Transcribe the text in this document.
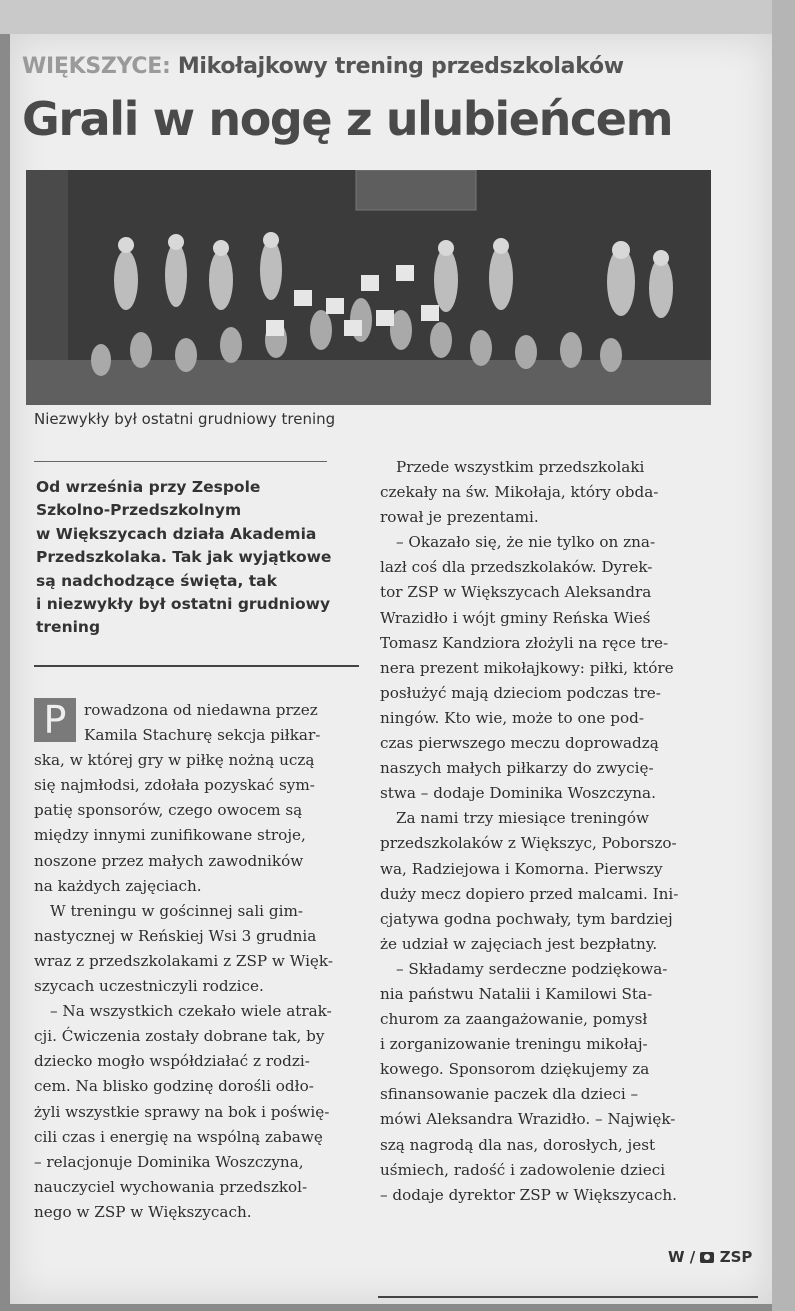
WIĘKSZYCE: Mikołajkowy trening przedszkolaków
Grali w nogę z ulubieńcem
Niezwykły był ostatni grudniowy trening
Od września przy Zespole
Szkolno-Przedszkolnym
w Większycach działa Akademia
Przedszkolaka. Tak jak wyjątkowe
są nadchodzące święta, tak
i niezwykły był ostatni grudniowy
trening
P	rowadzona od niedawna przez
Kamila Stachurę sekcja piłkar-
ska, w której gry w piłkę nożną uczą
się najmłodsi, zdołała pozyskać sym-
patię sponsorów, czego owocem są
między innymi zunifikowane stroje,
noszone przez małych zawodników
na każdych zajęciach.
W treningu w gościnnej sali gim-
nastycznej w Reńskiej Wsi 3 grudnia
wraz z przedszkolakami z ZSP w Więk-
szycach uczestniczyli rodzice.
– Na wszystkich czekało wiele atrak-
cji. Ćwiczenia zostały dobrane tak, by
dziecko mogło współdziałać z rodzi-
cem. Na blisko godzinę dorośli odło-
żyli wszystkie sprawy na bok i poświę-
cili czas i energię na wspólną zabawę
– relacjonuje Dominika Woszczyna,
nauczyciel wychowania przedszkol-
nego w ZSP w Większycach.
Przede wszystkim przedszkolaki
czekały na św. Mikołaja, który obda-
rował je prezentami.
– Okazało się, że nie tylko on zna-
lazł coś dla przedszkolaków. Dyrek-
tor ZSP w Większycach Aleksandra
Wrazidło i wójt gminy Reńska Wieś
Tomasz Kandziora złożyli na ręce tre-
nera prezent mikołajkowy: piłki, które
posłużyć mają dzieciom podczas tre-
ningów. Kto wie, może to one pod-
czas pierwszego meczu doprowadzą
naszych małych piłkarzy do zwycię-
stwa – dodaje Dominika Woszczyna.
Za nami trzy miesiące treningów
przedszkolaków z Większyc, Poborszo-
wa, Radziejowa i Komorna. Pierwszy
duży mecz dopiero przed malcami. Ini-
cjatywa godna pochwały, tym bardziej
że udział w zajęciach jest bezpłatny.
– Składamy serdeczne podziękowa-
nia państwu Natalii i Kamilowi Sta-
churom za zaangażowanie, pomysł
i zorganizowanie treningu mikołaj-
kowego. Sponsorom dziękujemy za
sfinansowanie paczek dla dzieci –
mówi Aleksandra Wrazidło. – Najwięk-
szą nagrodą dla nas, dorosłych, jest
uśmiech, radość i zadowolenie dzieci
– dodaje dyrektor ZSP w Większycach.
W / ZSP
